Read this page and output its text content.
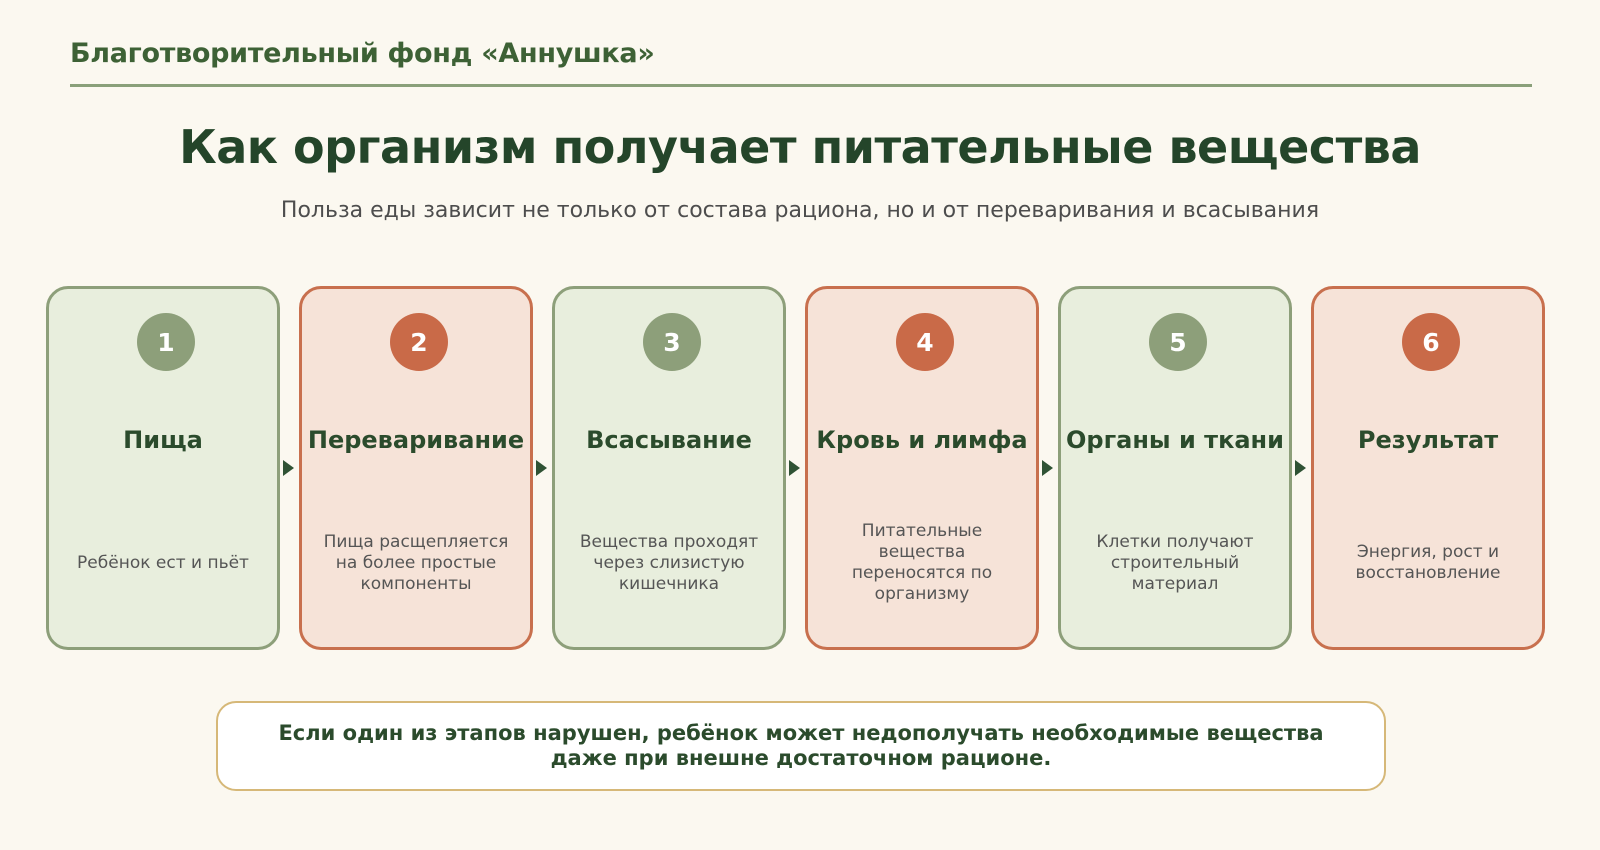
Благотворительный фонд «Аннушка»
Как организм получает питательные вещества
Польза еды зависит не только от состава рациона, но и от переваривания и всасывания
1
Пища
Ребёнок ест и пьёт
2
Переваривание
Пища расщепляется на более простые компоненты
3
Всасывание
Вещества проходят через слизистую кишечника
4
Кровь и лимфа
Питательные вещества переносятся по организму
5
Органы и ткани
Клетки получают строительный материал
6
Результат
Энергия, рост и восстановление
Если один из этапов нарушен, ребёнок может недополучать необходимые вещества даже при внешне достаточном рационе.
